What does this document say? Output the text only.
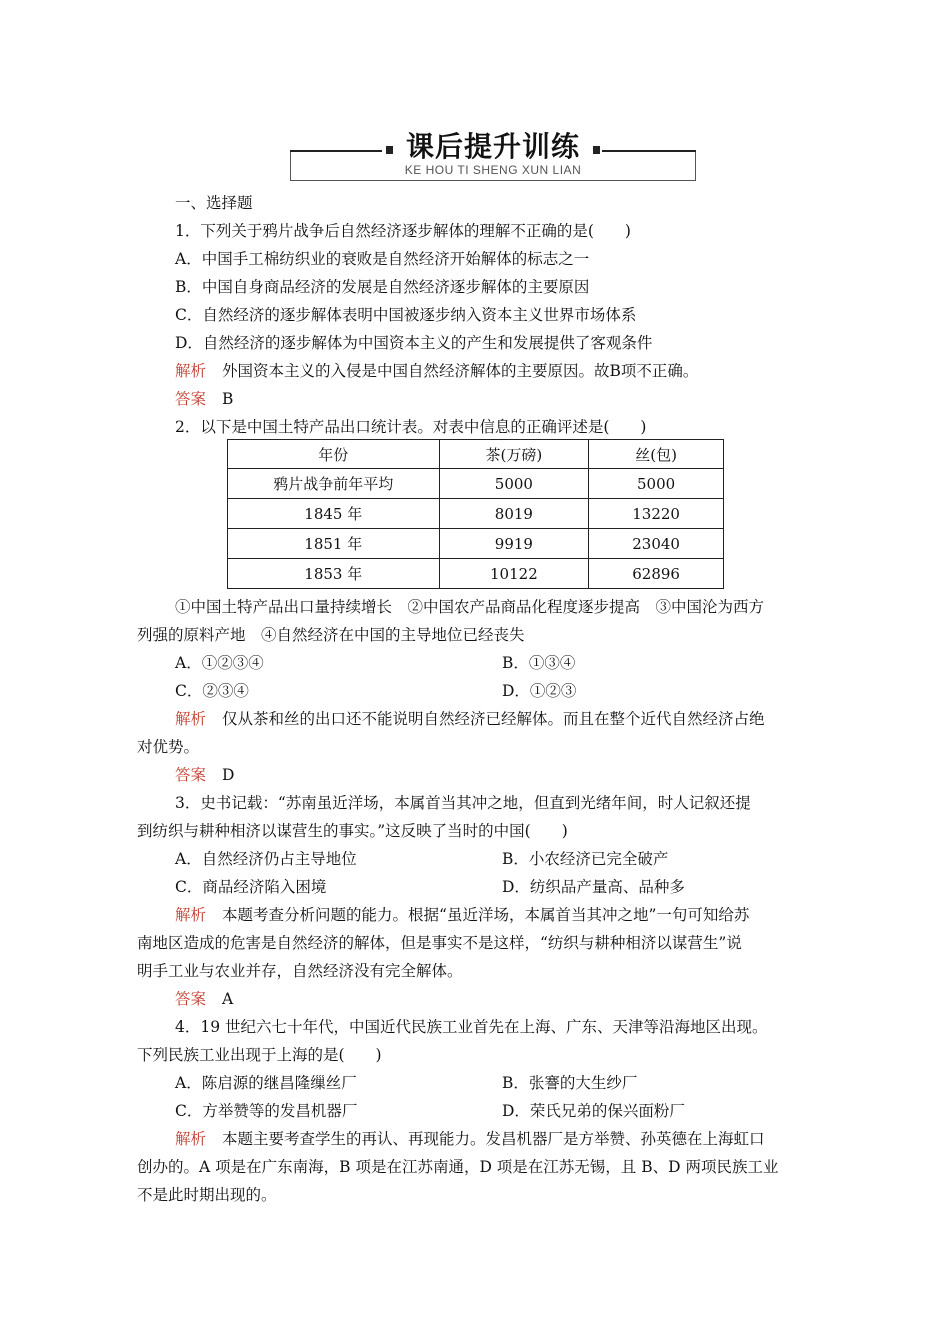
课后提升训练
KE HOU TI SHENG XUN LIAN
一、选择题
1．下列关于鸦片战争后自然经济逐步解体的理解不正确的是(　　)
A．中国手工棉纺织业的衰败是自然经济开始解体的标志之一
B．中国自身商品经济的发展是自然经济逐步解体的主要原因
C．自然经济的逐步解体表明中国被逐步纳入资本主义世界市场体系
D．自然经济的逐步解体为中国资本主义的产生和发展提供了客观条件
解析 外国资本主义的入侵是中国自然经济解体的主要原因。故B项不正确。
答案 B
2．以下是中国土特产品出口统计表。对表中信息的正确评述是(　　)
年份	茶(万磅)	丝(包)
鸦片战争前年平均	5000	5000
1845 年	8019	13220
1851 年	9919	23040
1853 年	10122	62896
①中国土特产品出口量持续增长　②中国农产品商品化程度逐步提高　③中国沦为西方
列强的原料产地　④自然经济在中国的主导地位已经丧失
A．①②③④	B．①③④
C．②③④	D．①②③
解析 仅从茶和丝的出口还不能说明自然经济已经解体。而且在整个近代自然经济占绝
对优势。
答案 D
3．史书记载：“苏南虽近洋场，本属首当其冲之地，但直到光绪年间，时人记叙还提
到纺织与耕种相济以谋营生的事实。”这反映了当时的中国(　　)
A．自然经济仍占主导地位	B．小农经济已完全破产
C．商品经济陷入困境	D．纺织品产量高、品种多
解析 本题考查分析问题的能力。根据“虽近洋场，本属首当其冲之地”一句可知给苏
南地区造成的危害是自然经济的解体，但是事实不是这样，“纺织与耕种相济以谋营生”说
明手工业与农业并存，自然经济没有完全解体。
答案 A
4．19 世纪六七十年代，中国近代民族工业首先在上海、广东、天津等沿海地区出现。
下列民族工业出现于上海的是(　　)
A．陈启源的继昌隆缫丝厂	B．张謇的大生纱厂
C．方举赞等的发昌机器厂	D．荣氏兄弟的保兴面粉厂
解析 本题主要考查学生的再认、再现能力。发昌机器厂是方举赞、孙英德在上海虹口
创办的。A 项是在广东南海，B 项是在江苏南通，D 项是在江苏无锡，且 B、D 两项民族工业
不是此时期出现的。
